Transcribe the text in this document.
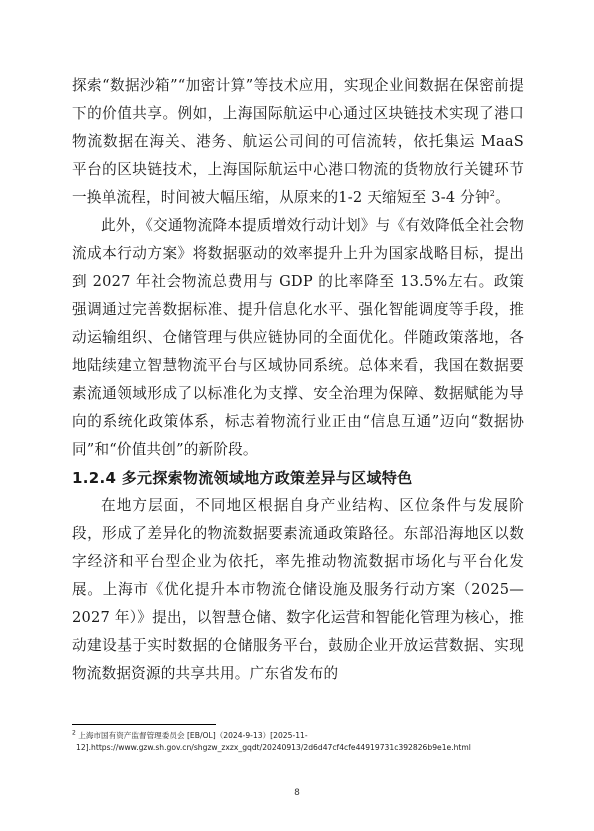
探索“数据沙箱”“加密计算”等技术应用，实现企业间数据在保密前提下的价值共享。例如，上海国际航运中心通过区块链技术实现了港口物流数据在海关、港务、航运公司间的可信流转，依托集运 MaaS 平台的区块链技术，上海国际航运中心港口物流的货物放行关键环节一换单流程，时间被大幅压缩，从原来的1-2 天缩短至 3-4 分钟$^2$。

此外，《交通物流降本提质增效行动计划》与《有效降低全社会物流成本行动方案》将数据驱动的效率提升上升为国家战略目标，提出到 2027 年社会物流总费用与 GDP 的比率降至 13.5%左右。政策强调通过完善数据标准、提升信息化水平、强化智能调度等手段，推动运输组织、仓储管理与供应链协同的全面优化。伴随政策落地，各地陆续建立智慧物流平台与区域协同系统。总体来看，我国在数据要素流通领域形成了以标准化为支撑、安全治理为保障、数据赋能为导向的系统化政策体系，标志着物流行业正由“信息互通”迈向“数据协同”和“价值共创”的新阶段。

1.2.4 多元探索物流领域地方政策差异与区域特色

在地方层面，不同地区根据自身产业结构、区位条件与发展阶段，形成了差异化的物流数据要素流通政策路径。东部沿海地区以数字经济和平台型企业为依托，率先推动物流数据市场化与平台化发展。上海市《优化提升本市物流仓储设施及服务行动方案（2025—2027 年）》提出，以智慧仓储、数字化运营和智能化管理为核心，推动建设基于实时数据的仓储服务平台，鼓励企业开放运营数据、实现物流数据资源的共享共用。广东省发布的

$^2$ 上海市国有资产监督管理委员会 [EB/OL]（2024-9-13）[2025-11-
12].https://www.gzw.sh.gov.cn/shgzw_zxzx_gqdt/20240913/2d6d47cf4cfe44919731c392826b9e1e.html
8
